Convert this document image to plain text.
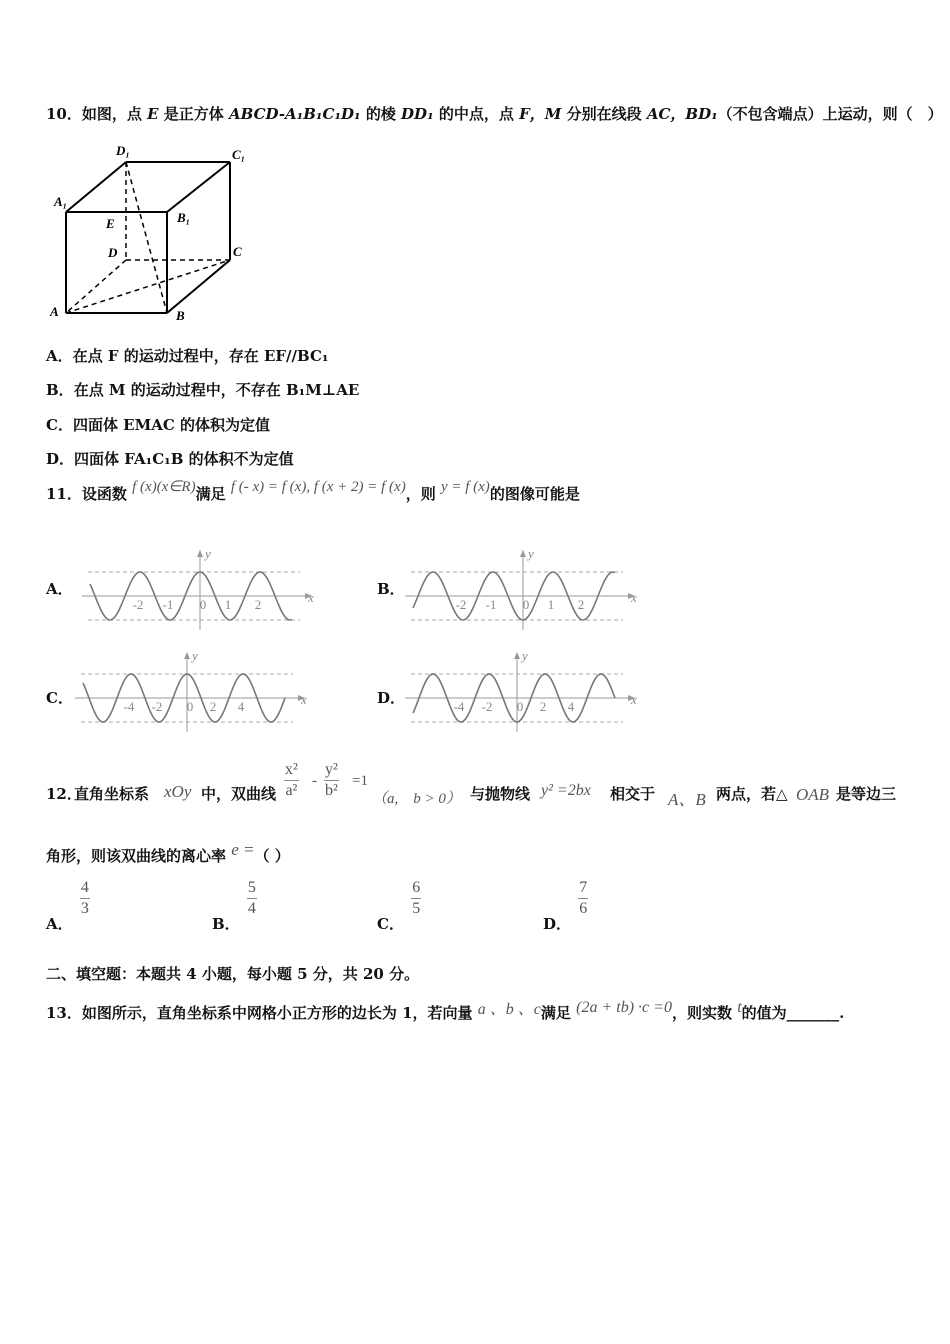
10．如图，点 E 是正方体 ABCD-A₁B₁C₁D₁ 的棱 DD₁ 的中点，点 F，M 分别在线段 AC，BD₁（不包含端点）上运动，则（　）
D₁	C₁
A₁
B₁
E
D	C
A	B
A．在点 F 的运动过程中，存在 EF//BC₁
B．在点 M 的运动过程中，不存在 B₁M⊥AE
C．四面体 EMAC 的体积为定值
D．四面体 FA₁C₁B 的体积不为定值
11．设函数 f (x)(x∈R)满足 f (- x) = f (x), f (x + 2) = f (x)，则 y = f (x)的图像可能是
A．	B．
C．	D．
-2 -1 0 1 2	x
y
-2 -1 0 1 2	x
y
-4 -2 0 2 4	x
y
-4 -2 0 2 4	x
y
12．
直角坐标系 xOy 中，双曲线 $\frac{\text{x²}}{\text{a²}} - \frac{\text{y²}}{\text{b²}} =1$
（a,　b > 0） 与抛物线 y² =2bx 相交于 A、B 两点，若△ OAB 是等边三
角形，则该双曲线的离心率 e =（ ）
A．
$\frac{4}{3}$
B．
$\frac{5}{4}$
C．
$\frac{6}{5}$
D．
$\frac{7}{6}$
二、填空题：本题共 4 小题，每小题 5 分，共 20 分。
13．如图所示，直角坐标系中网格小正方形的边长为 1，若向量 a 、b 、c满足 (2a + tb) ·c =0，则实数 t的值为_______.
